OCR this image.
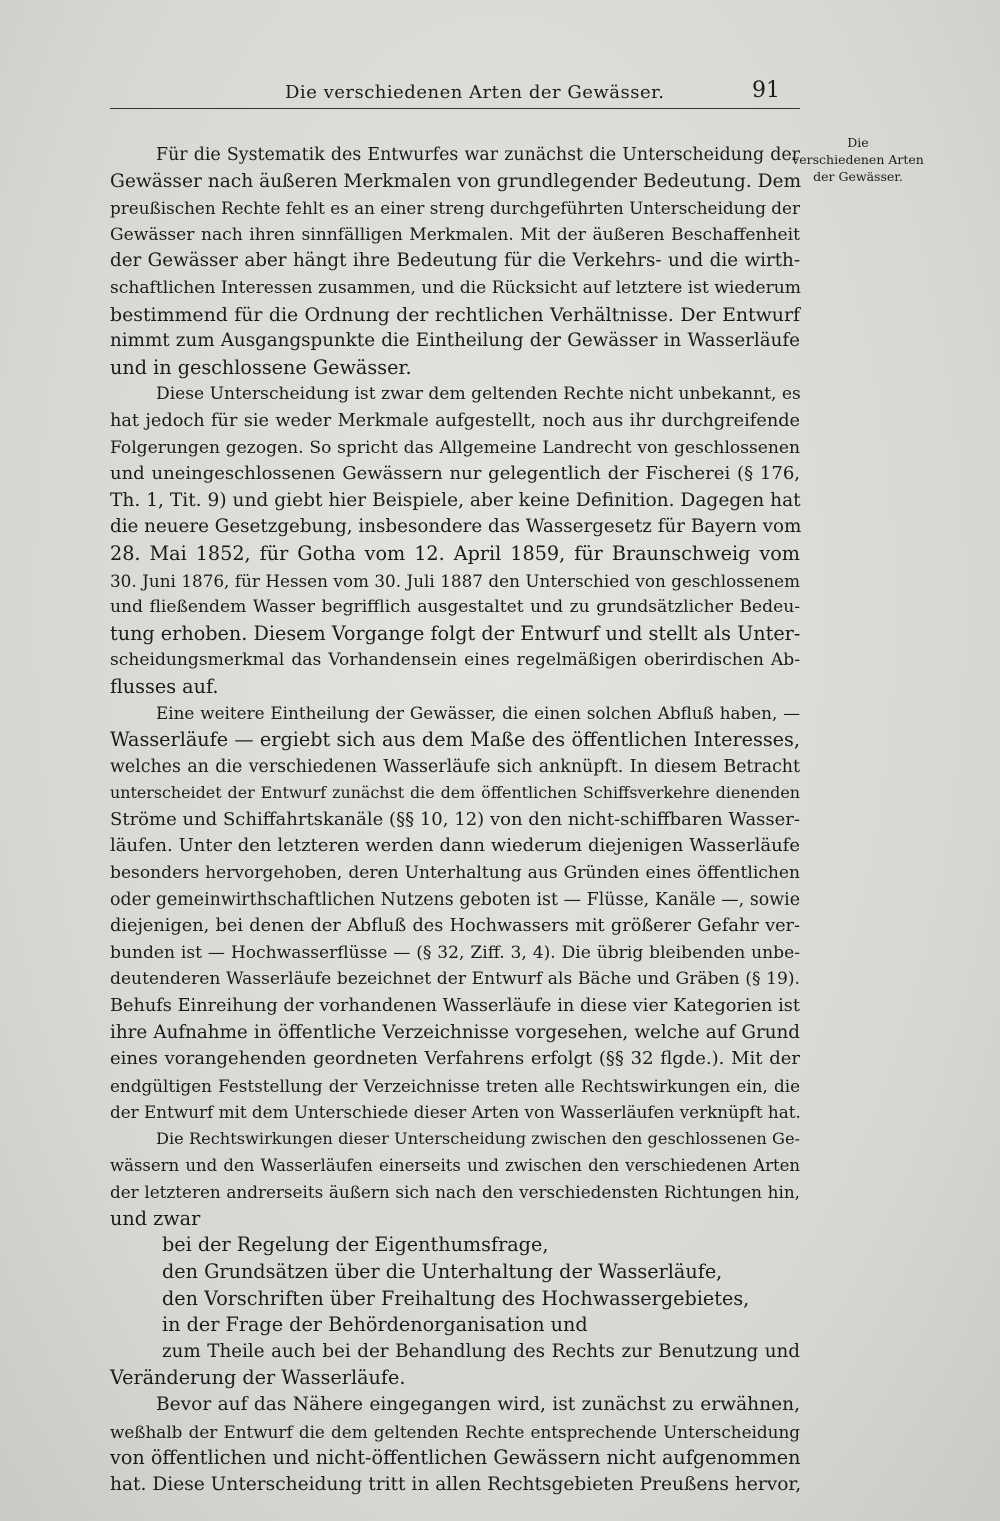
Die verschiedenen Arten der Gewässer.	91
Die
verschiedenen Arten
der Gewässer.
Für die Systematik des Entwurfes war zunächst die Unterscheidung der
Gewässer nach äußeren Merkmalen von grundlegender Bedeutung. Dem
preußischen Rechte fehlt es an einer streng durchgeführten Unterscheidung der
Gewässer nach ihren sinnfälligen Merkmalen. Mit der äußeren Beschaffenheit
der Gewässer aber hängt ihre Bedeutung für die Verkehrs- und die wirth-
schaftlichen Interessen zusammen, und die Rücksicht auf letztere ist wiederum
bestimmend für die Ordnung der rechtlichen Verhältnisse. Der Entwurf
nimmt zum Ausgangspunkte die Eintheilung der Gewässer in Wasserläufe
und in geschlossene Gewässer.
Diese Unterscheidung ist zwar dem geltenden Rechte nicht unbekannt, es
hat jedoch für sie weder Merkmale aufgestellt, noch aus ihr durchgreifende
Folgerungen gezogen. So spricht das Allgemeine Landrecht von geschlossenen
und uneingeschlossenen Gewässern nur gelegentlich der Fischerei (§ 176,
Th. 1, Tit. 9) und giebt hier Beispiele, aber keine Definition. Dagegen hat
die neuere Gesetzgebung, insbesondere das Wassergesetz für Bayern vom
28. Mai 1852, für Gotha vom 12. April 1859, für Braunschweig vom
30. Juni 1876, für Hessen vom 30. Juli 1887 den Unterschied von geschlossenem
und fließendem Wasser begrifflich ausgestaltet und zu grundsätzlicher Bedeu-
tung erhoben. Diesem Vorgange folgt der Entwurf und stellt als Unter-
scheidungsmerkmal das Vorhandensein eines regelmäßigen oberirdischen Ab-
flusses auf.
Eine weitere Eintheilung der Gewässer, die einen solchen Abfluß haben, —
Wasserläufe — ergiebt sich aus dem Maße des öffentlichen Interesses,
welches an die verschiedenen Wasserläufe sich anknüpft. In diesem Betracht
unterscheidet der Entwurf zunächst die dem öffentlichen Schiffsverkehre dienenden
Ströme und Schiffahrtskanäle (§§ 10, 12) von den nicht-schiffbaren Wasser-
läufen. Unter den letzteren werden dann wiederum diejenigen Wasserläufe
besonders hervorgehoben, deren Unterhaltung aus Gründen eines öffentlichen
oder gemeinwirthschaftlichen Nutzens geboten ist — Flüsse, Kanäle —, sowie
diejenigen, bei denen der Abfluß des Hochwassers mit größerer Gefahr ver-
bunden ist — Hochwasserflüsse — (§ 32, Ziff. 3, 4). Die übrig bleibenden unbe-
deutenderen Wasserläufe bezeichnet der Entwurf als Bäche und Gräben (§ 19).
Behufs Einreihung der vorhandenen Wasserläufe in diese vier Kategorien ist
ihre Aufnahme in öffentliche Verzeichnisse vorgesehen, welche auf Grund
eines vorangehenden geordneten Verfahrens erfolgt (§§ 32 flgde.). Mit der
endgültigen Feststellung der Verzeichnisse treten alle Rechtswirkungen ein, die
der Entwurf mit dem Unterschiede dieser Arten von Wasserläufen verknüpft hat.
Die Rechtswirkungen dieser Unterscheidung zwischen den geschlossenen Ge-
wässern und den Wasserläufen einerseits und zwischen den verschiedenen Arten
der letzteren andrerseits äußern sich nach den verschiedensten Richtungen hin,
und zwar
bei der Regelung der Eigenthumsfrage,
den Grundsätzen über die Unterhaltung der Wasserläufe,
den Vorschriften über Freihaltung des Hochwassergebietes,
in der Frage der Behördenorganisation und
zum Theile auch bei der Behandlung des Rechts zur Benutzung und
Veränderung der Wasserläufe.
Bevor auf das Nähere eingegangen wird, ist zunächst zu erwähnen,
weßhalb der Entwurf die dem geltenden Rechte entsprechende Unterscheidung
von öffentlichen und nicht-öffentlichen Gewässern nicht aufgenommen
hat. Diese Unterscheidung tritt in allen Rechtsgebieten Preußens hervor,
